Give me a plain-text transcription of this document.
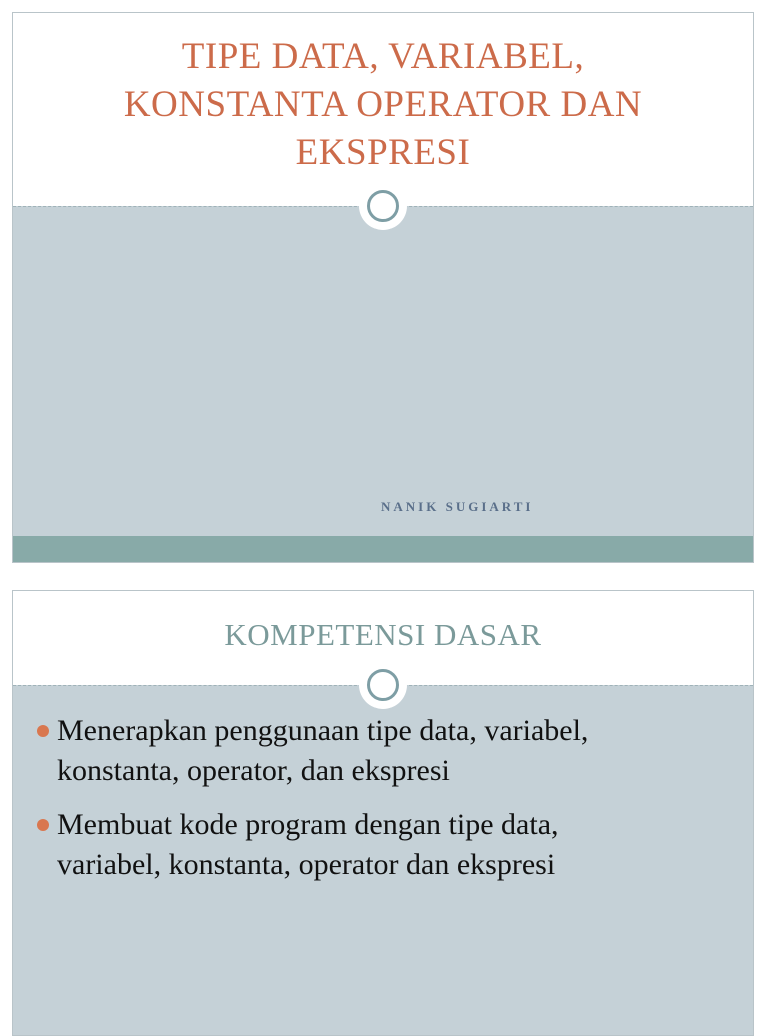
TIPE DATA, VARIABEL,
KONSTANTA OPERATOR DAN
EKSPRESI
NANIK SUGIARTI
KOMPETENSI DASAR
Menerapkan penggunaan tipe data, variabel,
konstanta, operator, dan ekspresi
Membuat kode program dengan tipe data,
variabel, konstanta, operator dan ekspresi
